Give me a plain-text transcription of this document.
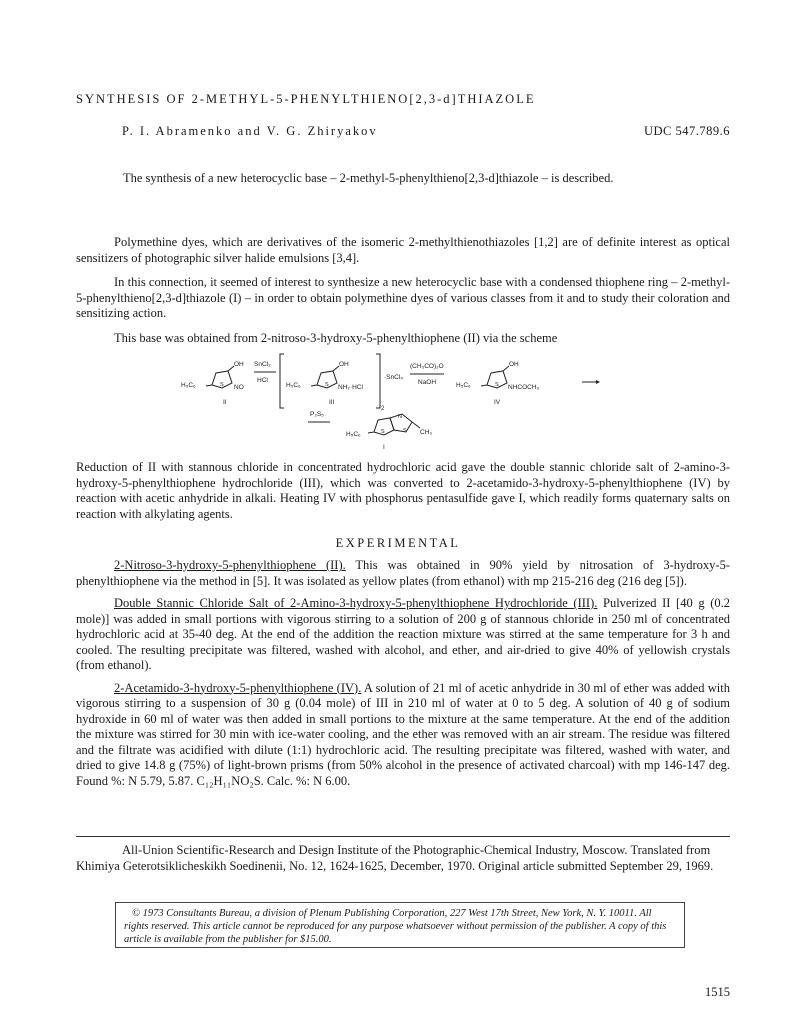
SYNTHESIS OF 2-METHYL-5-PHENYLTHIENO[2,3-d]THIAZOLE
P. I. Abramenko and V. G. Zhiryakov	UDC 547.789.6
The synthesis of a new heterocyclic base – 2-methyl-5-phenylthieno[2,3-d]thiazole – is described.

Polymethine dyes, which are derivatives of the isomeric 2-methylthienothiazoles [1,2] are of definite interest as optical sensitizers of photographic silver halide emulsions [3,4].

In this connection, it seemed of interest to synthesize a new heterocyclic base with a condensed thiophene ring – 2-methyl-5-phenylthieno[2,3-d]thiazole (I) – in order to obtain polymethine dyes of various classes from it and to study their coloration and sensitizing action.

This base was obtained from 2-nitroso-3-hydroxy-5-phenylthiophene (II) via the scheme

H₅C₆
OH
NO
S
II
SnCl₂
HCl
H₅C₆
OH
NH₂·HCl
S
III
2
·SnCl₄
(CH₃CO)₂O
NaOH	H₅C₆
OH
NHCOCH₃
S
IV
P₂S₅
H₅C₆	CH₃
S	S
N
I

Reduction of II with stannous chloride in concentrated hydrochloric acid gave the double stannic chloride salt of 2-amino-3-hydroxy-5-phenylthiophene hydrochloride (III), which was converted to 2-acetamido-3-hydroxy-5-phenylthiophene (IV) by reaction with acetic anhydride in alkali. Heating IV with phosphorus pentasulfide gave I, which readily forms quaternary salts on reaction with alkylating agents.

EXPERIMENTAL

2-Nitroso-3-hydroxy-5-phenylthiophene (II). This was obtained in 90% yield by nitrosation of 3-hydroxy-5-phenylthiophene via the method in [5]. It was isolated as yellow plates (from ethanol) with mp 215-216 deg (216 deg [5]).

Double Stannic Chloride Salt of 2-Amino-3-hydroxy-5-phenylthiophene Hydrochloride (III). Pulverized II [40 g (0.2 mole)] was added in small portions with vigorous stirring to a solution of 200 g of stannous chloride in 250 ml of concentrated hydrochloric acid at 35-40 deg. At the end of the addition the reaction mixture was stirred at the same temperature for 3 h and cooled. The resulting precipitate was filtered, washed with alcohol, and ether, and air-dried to give 40% of yellowish crystals (from ethanol).

2-Acetamido-3-hydroxy-5-phenylthiophene (IV). A solution of 21 ml of acetic anhydride in 30 ml of ether was added with vigorous stirring to a suspension of 30 g (0.04 mole) of III in 210 ml of water at 0 to 5 deg. A solution of 40 g of sodium hydroxide in 60 ml of water was then added in small portions to the mixture at the same temperature. At the end of the addition the mixture was stirred for 30 min with ice-water cooling, and the ether was removed with an air stream. The residue was filtered and the filtrate was acidified with dilute (1:1) hydrochloric acid. The resulting precipitate was filtered, washed with water, and dried to give 14.8 g (75%) of light-brown prisms (from 50% alcohol in the presence of activated charcoal) with mp 146-147 deg. Found %: N 5.79, 5.87. C₁₂H₁₁NO₂S. Calc. %: N 6.00.

All-Union Scientific-Research and Design Institute of the Photographic-Chemical Industry, Moscow. Translated from Khimiya Geterotsiklicheskikh Soedinenii, No. 12, 1624-1625, December, 1970. Original article submitted September 29, 1969.

© 1973 Consultants Bureau, a division of Plenum Publishing Corporation, 227 West 17th Street, New York, N. Y. 10011. All rights reserved. This article cannot be reproduced for any purpose whatsoever without permission of the publisher. A copy of this article is available from the publisher for $15.00.
1515
